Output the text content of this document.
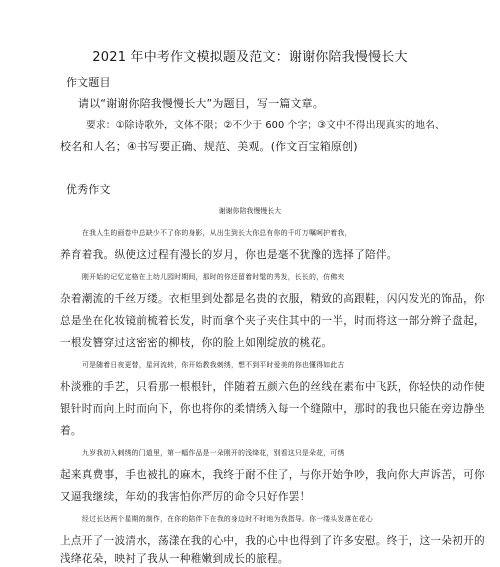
2021 年中考作文模拟题及范文：谢谢你陪我慢慢长大
作文题目
请以“谢谢你陪我慢慢长大”为题目，写一篇文章。
要求：①除诗歌外，文体不限；②不少于 600 个字；③文中不得出现真实的地名、
校名和人名；④书写要正确、规范、美观。(作文百宝箱原创)
优秀作文
谢谢你陪我慢慢长大
在我人生的画卷中总缺少不了你的身影，从出生到长大你总有你的千叮万嘱呵护着我，
养育着我。纵使这过程有漫长的岁月，你也是毫不犹豫的选择了陪伴。
刚开始的记忆定格在上幼儿园时期间，那时的你还留着时髦的秀发，长长的，仿佛夹
杂着潮流的千丝万缕。衣柜里到处都是名贵的衣服，精致的高跟鞋，闪闪发光的饰品，你
总是坐在化妆镜前梳着长发，时而拿个夹子夹住其中的一半，时而将这一部分辫子盘起，
一根发簪穿过这密密的柳枝，你的脸上如刚绽放的桃花。
可是随着日夜更替，星河流转，你开始教我刺绣，想不到平时爱美的你也懂得如此古
朴淡雅的手艺，只看那一根根针，伴随着五颜六色的丝线在素布中飞跃，你轻快的动作使
银针时而向上时而向下，你也将你的柔情绣入每一个缝隙中，那时的我也只能在旁边静坐
着。
九岁我初入刺绣的门道里，第一幅作品是一朵刚开的浅绛花，别看这只是朵花，可绣
起来真费事，手也被扎的麻木，我终于耐不住了，与你开始争吵，我向你大声诉苦，可你
又逼我继续，年幼的我害怕你严厉的命令只好作罢！
经过长达两个星期的制作，在你的陪伴下在我的身边时不时地为我指导。你一缕头发落在花心
上点开了一波清水，荡漾在我的心中，我的心中也得到了许多安慰。终于，这一朵初开的
浅绛花朵，映衬了我从一种稚嫩到成长的旅程。
